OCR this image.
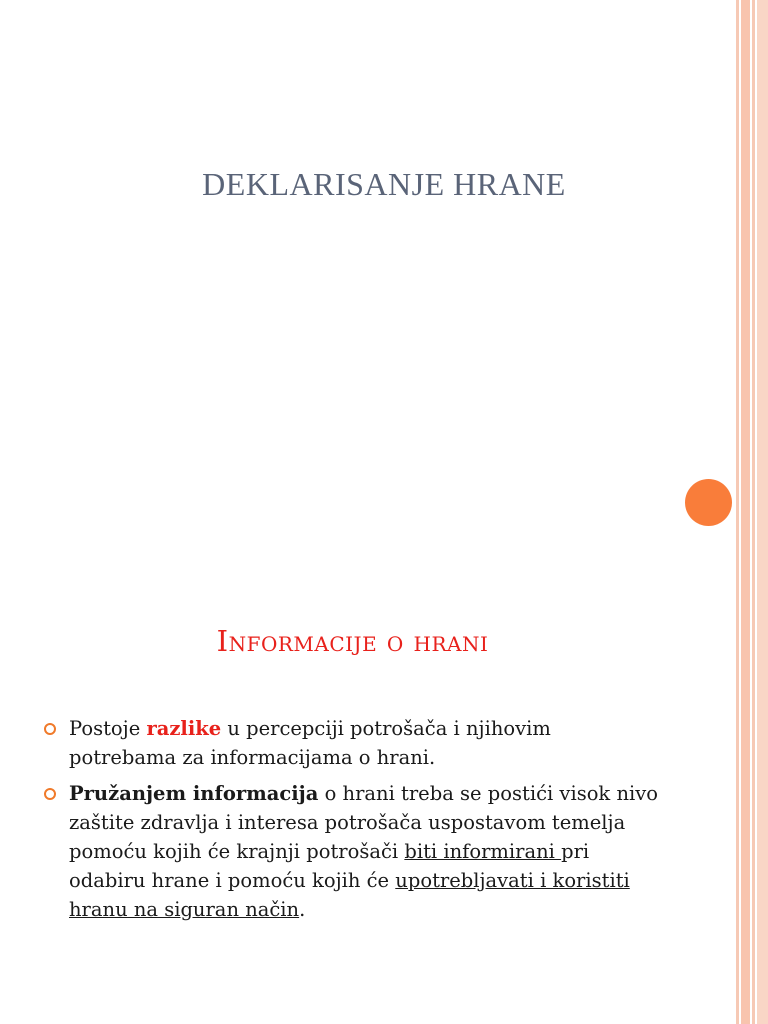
DEKLARISANJE HRANE
Informacije o hrani
Postoje razlike u percepciji potrošača i njihovim potrebama za informacijama o hrani.
Pružanjem informacija o hrani treba se postići visok nivo zaštite zdravlja i interesa potrošača uspostavom temelja pomoću kojih će krajnji potrošači biti informirani pri odabiru hrane i pomoću kojih će upotrebljavati i koristiti hranu na siguran način.
